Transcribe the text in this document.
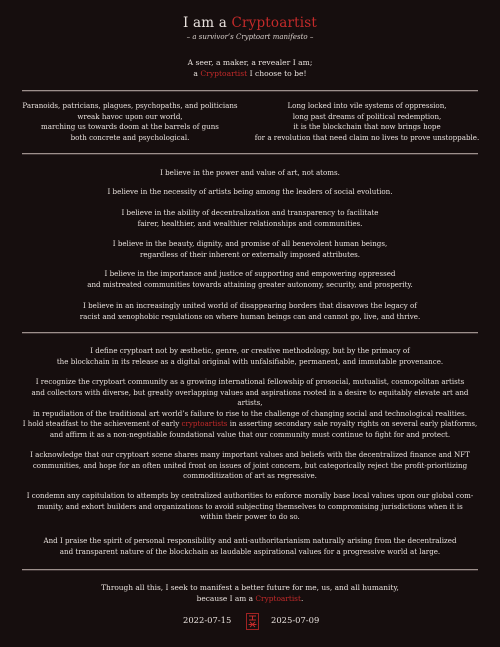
I am a Cryptoartist
– a survivor’s Cryptoart manifesto –
A seer, a maker, a revealer I am;
a Cryptoartist I choose to be!
Paranoids, patricians, plagues, psychopaths, and politicians
wreak havoc upon our world,
marching us towards doom at the barrels of guns
both concrete and psychological.
Long locked into vile systems of oppression,
long past dreams of political redemption,
it is the blockchain that now brings hope
for a revolution that need claim no lives to prove unstoppable.
I believe in the power and value of art, not atoms.
I believe in the necessity of artists being among the leaders of social evolution.
I believe in the ability of decentralization and transparency to facilitate
fairer, healthier, and wealthier relationships and communities.
I believe in the beauty, dignity, and promise of all benevolent human beings,
regardless of their inherent or externally imposed attributes.
I believe in the importance and justice of supporting and empowering oppressed
and mistreated communities towards attaining greater autonomy, security, and prosperity.
I believe in an increasingly united world of disappearing borders that disavows the legacy of
racist and xenophobic regulations on where human beings can and cannot go, live, and thrive.
I define cryptoart not by æsthetic, genre, or creative methodology, but by the primacy of
the blockchain in its release as a digital original with unfalsifiable, permanent, and immutable provenance.
I recognize the cryptoart community as a growing international fellowship of prosocial, mutualist, cosmopolitan artists
and collectors with diverse, but greatly overlapping values and aspirations rooted in a desire to equitably elevate art and artists,
in repudiation of the traditional art world’s failure to rise to the challenge of changing social and technological realities.
I hold steadfast to the achievement of early cryptoartists in asserting secondary sale royalty rights on several early platforms,
and affirm it as a non-negotiable foundational value that our community must continue to fight for and protect.
I acknowledge that our cryptoart scene shares many important values and beliefs with the decentralized finance and NFT
communities, and hope for an often united front on issues of joint concern, but categorically reject the profit-prioritizing
commoditization of art as regressive.
I condemn any capitulation to attempts by centralized authorities to enforce morally base local values upon our global com-
munity, and exhort builders and organizations to avoid subjecting themselves to compromising jurisdictions when it is
within their power to do so.
And I praise the spirit of personal responsibility and anti-authoritarianism naturally arising from the decentralized
and transparent nature of the blockchain as laudable aspirational values for a progressive world at large.
Through all this, I seek to manifest a better future for me, us, and all humanity,
because I am a Cryptoartist.
2022-07-15	2025-07-09
